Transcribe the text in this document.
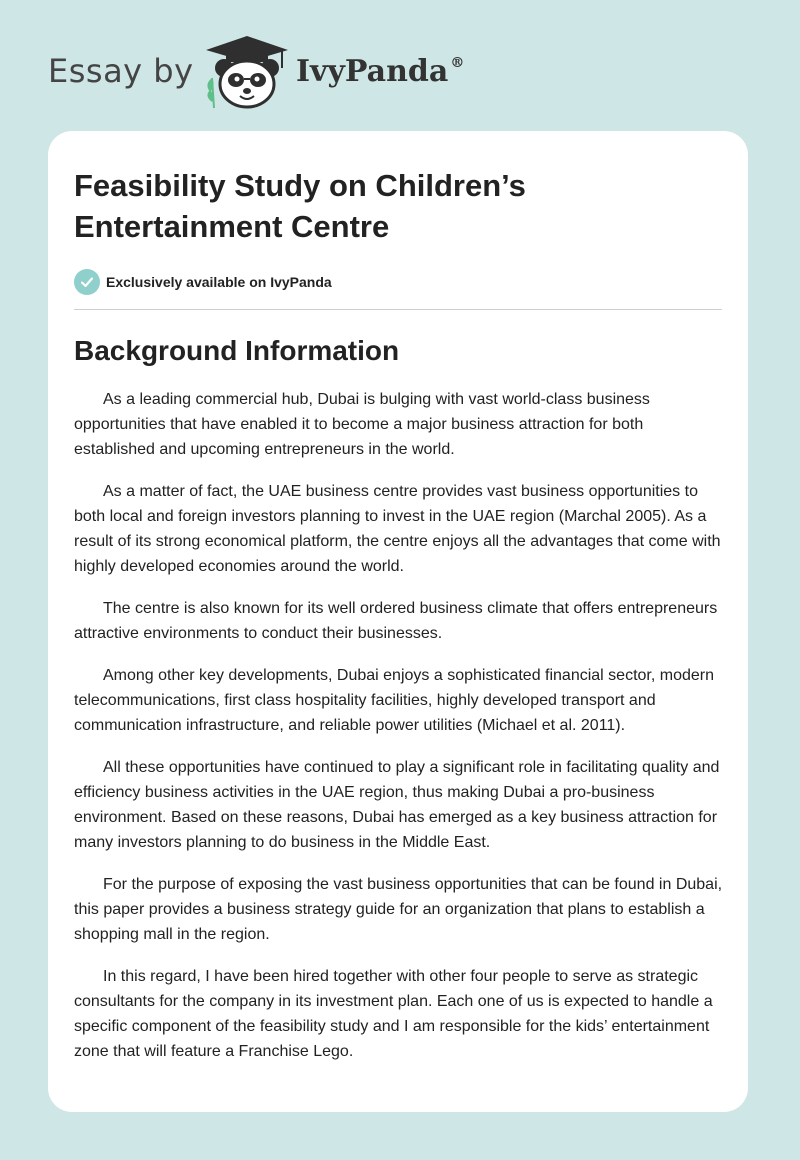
Essay by	IvyPanda ®
Feasibility Study on Children’s Entertainment Centre
Exclusively available on IvyPanda
Background Information

As a leading commercial hub, Dubai is bulging with vast world-class business opportunities that have enabled it to become a major business attraction for both established and upcoming entrepreneurs in the world.

As a matter of fact, the UAE business centre provides vast business opportunities to both local and foreign investors planning to invest in the UAE region (Marchal 2005). As a result of its strong economical platform, the centre enjoys all the advantages that come with highly developed economies around the world.

The centre is also known for its well ordered business climate that offers entrepreneurs attractive environments to conduct their businesses.

Among other key developments, Dubai enjoys a sophisticated financial sector, modern telecommunications, first class hospitality facilities, highly developed transport and communication infrastructure, and reliable power utilities (Michael et al. 2011).

All these opportunities have continued to play a significant role in facilitating quality and efficiency business activities in the UAE region, thus making Dubai a pro-business environment. Based on these reasons, Dubai has emerged as a key business attraction for many investors planning to do business in the Middle East.

For the purpose of exposing the vast business opportunities that can be found in Dubai, this paper provides a business strategy guide for an organization that plans to establish a shopping mall in the region.

In this regard, I have been hired together with other four people to serve as strategic consultants for the company in its investment plan. Each one of us is expected to handle a specific component of the feasibility study and I am responsible for the kids’ entertainment zone that will feature a Franchise Lego.
